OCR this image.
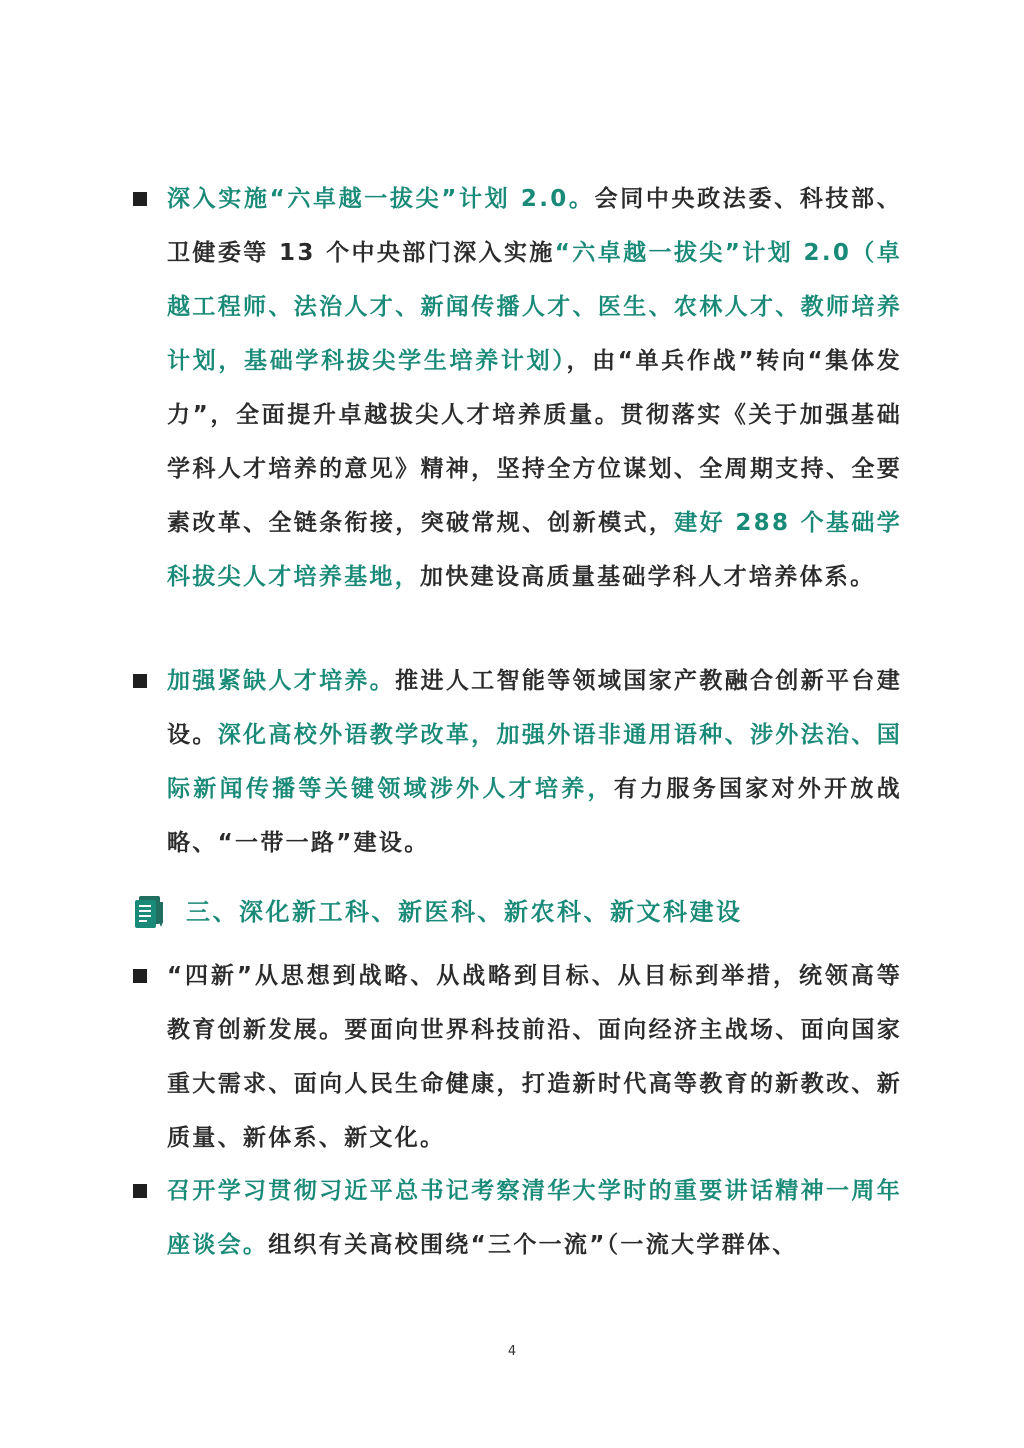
深入实施“六卓越一拔尖”计划 2.0。会同中央政法委、科技部、卫健委等 13 个中央部门深入实施“六卓越一拔尖”计划 2.0（卓越工程师、法治人才、新闻传播人才、医生、农林人才、教师培养计划，基础学科拔尖学生培养计划），由“单兵作战”转向“集体发力”，全面提升卓越拔尖人才培养质量。贯彻落实《关于加强基础学科人才培养的意见》精神，坚持全方位谋划、全周期支持、全要素改革、全链条衔接，突破常规、创新模式，建好 288 个基础学科拔尖人才培养基地，加快建设高质量基础学科人才培养体系。
加强紧缺人才培养。推进人工智能等领域国家产教融合创新平台建设。深化高校外语教学改革，加强外语非通用语种、涉外法治、国际新闻传播等关键领域涉外人才培养，有力服务国家对外开放战略、“一带一路”建设。
三、深化新工科、新医科、新农科、新文科建设
“四新”从思想到战略、从战略到目标、从目标到举措，统领高等教育创新发展。要面向世界科技前沿、面向经济主战场、面向国家重大需求、面向人民生命健康，打造新时代高等教育的新教改、新质量、新体系、新文化。
召开学习贯彻习近平总书记考察清华大学时的重要讲话精神一周年座谈会。组织有关高校围绕“三个一流”（一流大学群体、
4
